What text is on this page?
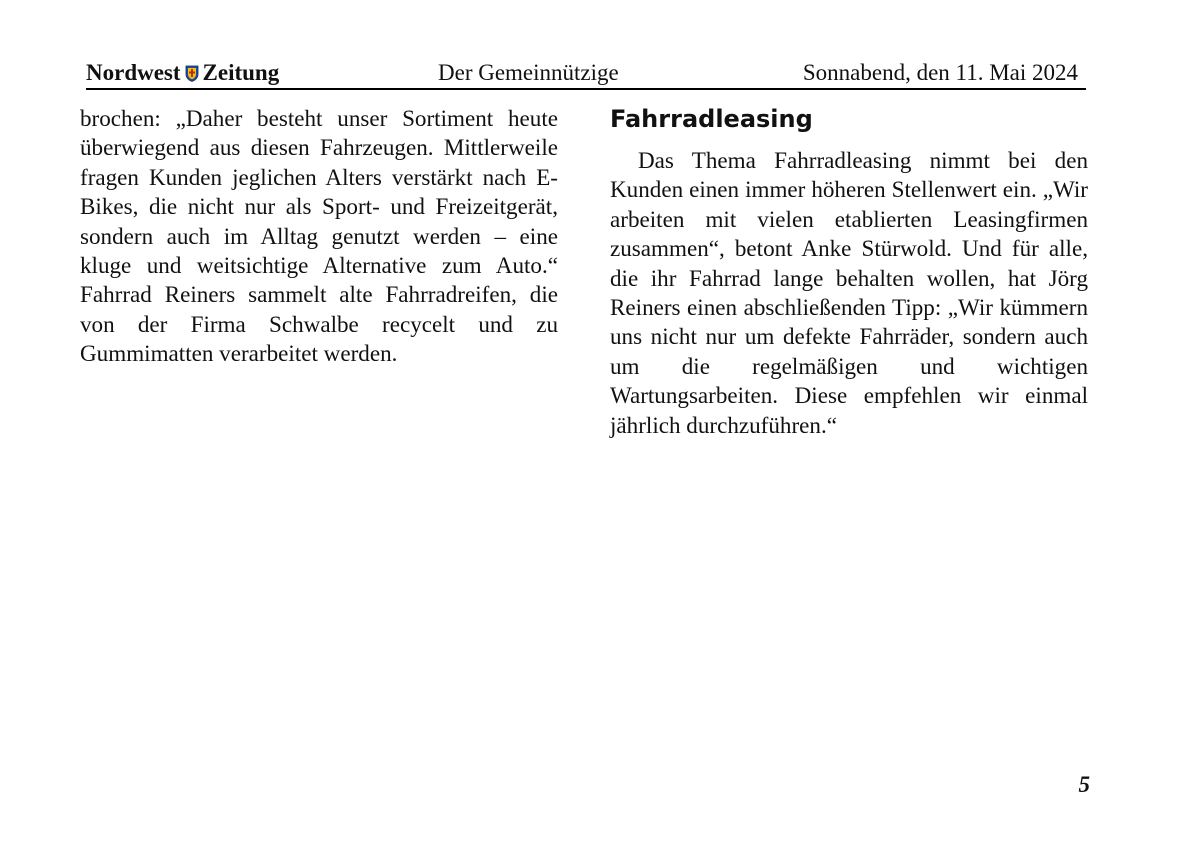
Nordwest Zeitung	Der Gemeinnützige	Sonnabend, den 11. Mai 2024

brochen: „Daher besteht unser Sortiment heute überwiegend aus diesen Fahrzeugen. Mittlerweile fragen Kunden jeglichen Alters verstärkt nach E-Bikes, die nicht nur als Sport- und Freizeitgerät, sondern auch im Alltag genutzt werden – eine kluge und weitsichtige Alternative zum Auto.“ Fahrrad Reiners sammelt alte Fahrradreifen, die von der Firma Schwalbe recycelt und zu Gummimatten verarbeitet werden.

Fahrradleasing

Das Thema Fahrradleasing nimmt bei den Kunden einen immer höheren Stellenwert ein. „Wir arbeiten mit vielen etablierten Leasingfirmen zusammen“, betont Anke Stürwold. Und für alle, die ihr Fahrrad lange behalten wollen, hat Jörg Reiners einen abschließenden Tipp: „Wir kümmern uns nicht nur um defekte Fahrräder, sondern auch um die regelmäßigen und wichtigen Wartungsarbeiten. Diese empfehlen wir einmal jährlich durchzuführen.“

5
